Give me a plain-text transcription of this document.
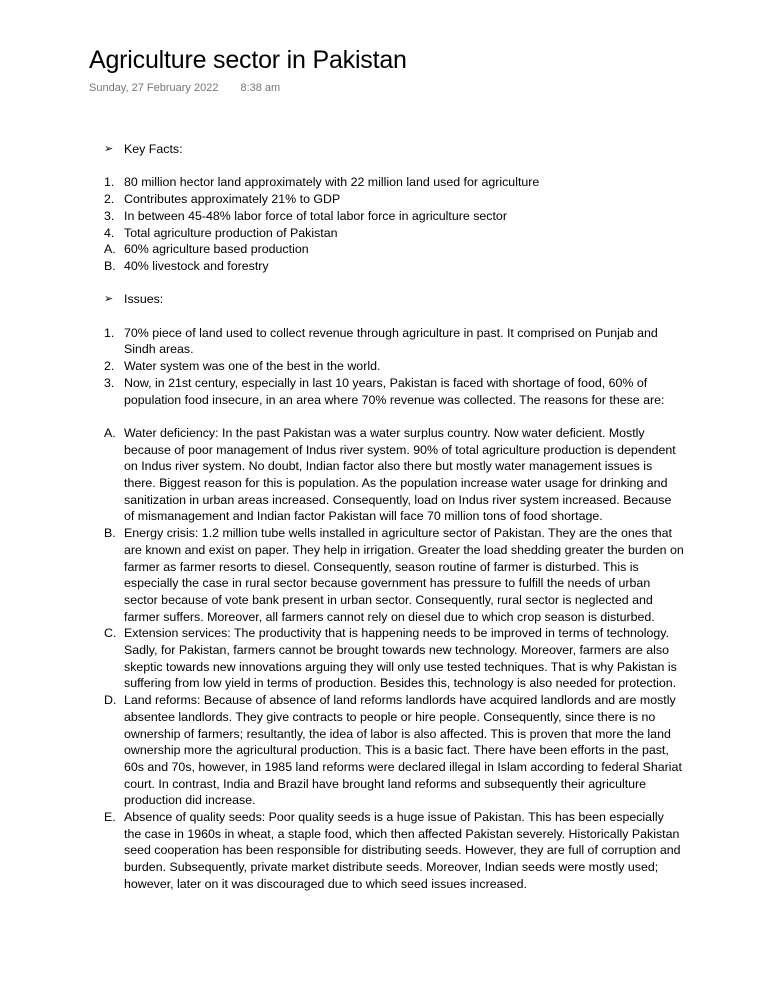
Agriculture sector in Pakistan
Sunday, 27 February 2022 8:38 am
➢ Key Facts:
1. 80 million hector land approximately with 22 million land used for agriculture
2. Contributes approximately 21% to GDP
3. In between 45-48% labor force of total labor force in agriculture sector
4. Total agriculture production of Pakistan
A. 60% agriculture based production
B. 40% livestock and forestry
➢ Issues:
1. 70% piece of land used to collect revenue through agriculture in past. It comprised on Punjab and Sindh areas.
2. Water system was one of the best in the world.
3. Now, in 21st century, especially in last 10 years, Pakistan is faced with shortage of food, 60% of population food insecure, in an area where 70% revenue was collected. The reasons for these are:
A. Water deficiency: In the past Pakistan was a water surplus country. Now water deficient. Mostly because of poor management of Indus river system. 90% of total agriculture production is dependent on Indus river system. No doubt, Indian factor also there but mostly water management issues is there. Biggest reason for this is population. As the population increase water usage for drinking and sanitization in urban areas increased. Consequently, load on Indus river system increased. Because of mismanagement and Indian factor Pakistan will face 70 million tons of food shortage.
B. Energy crisis: 1.2 million tube wells installed in agriculture sector of Pakistan. They are the ones that are known and exist on paper. They help in irrigation. Greater the load shedding greater the burden on farmer as farmer resorts to diesel. Consequently, season routine of farmer is disturbed. This is especially the case in rural sector because government has pressure to fulfill the needs of urban sector because of vote bank present in urban sector. Consequently, rural sector is neglected and farmer suffers. Moreover, all farmers cannot rely on diesel due to which crop season is disturbed.
C. Extension services: The productivity that is happening needs to be improved in terms of technology. Sadly, for Pakistan, farmers cannot be brought towards new technology. Moreover, farmers are also skeptic towards new innovations arguing they will only use tested techniques. That is why Pakistan is suffering from low yield in terms of production. Besides this, technology is also needed for protection.
D. Land reforms: Because of absence of land reforms landlords have acquired landlords and are mostly absentee landlords. They give contracts to people or hire people. Consequently, since there is no ownership of farmers; resultantly, the idea of labor is also affected. This is proven that more the land ownership more the agricultural production. This is a basic fact. There have been efforts in the past, 60s and 70s, however, in 1985 land reforms were declared illegal in Islam according to federal Shariat court. In contrast, India and Brazil have brought land reforms and subsequently their agriculture production did increase.
E. Absence of quality seeds: Poor quality seeds is a huge issue of Pakistan. This has been especially the case in 1960s in wheat, a staple food, which then affected Pakistan severely. Historically Pakistan seed cooperation has been responsible for distributing seeds. However, they are full of corruption and burden. Subsequently, private market distribute seeds. Moreover, Indian seeds were mostly used; however, later on it was discouraged due to which seed issues increased.
